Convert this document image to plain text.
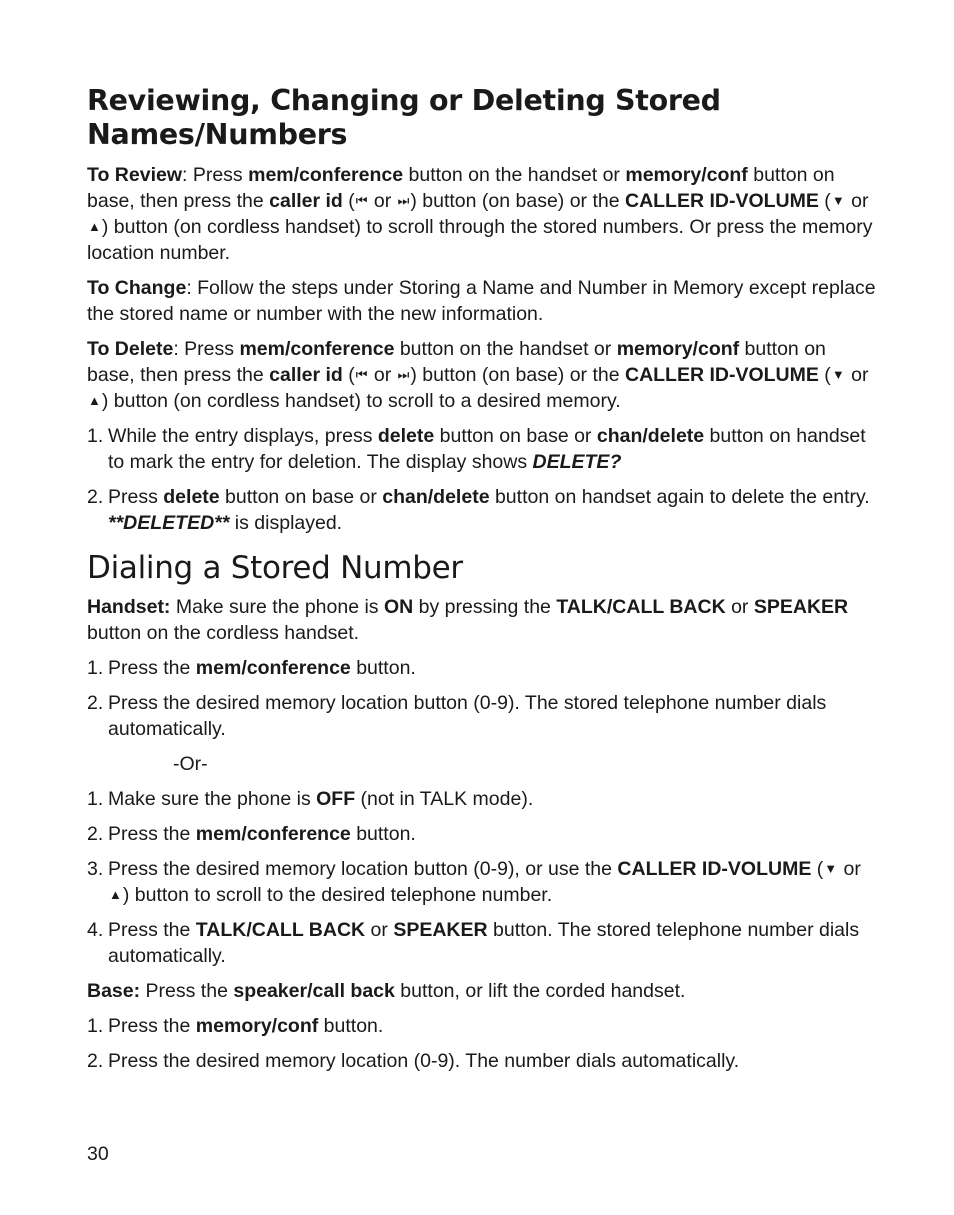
Reviewing, Changing or Deleting Stored Names/Numbers

To Review: Press mem/conference button on the handset or memory/conf button on base, then press the caller id (⏮ or ⏭) button (on base) or the CALLER ID-VOLUME (▼ or ▲) button (on cordless handset) to scroll through the stored numbers. Or press the memory location number.

To Change: Follow the steps under Storing a Name and Number in Memory except replace the stored name or number with the new information.

To Delete: Press mem/conference button on the handset or memory/conf button on base, then press the caller id (⏮ or ⏭) button (on base) or the CALLER ID-VOLUME (▼ or ▲) button (on cordless handset) to scroll to a desired memory.

1. While the entry displays, press delete button on base or chan/delete button on handset to mark the entry for deletion. The display shows DELETE?
2. Press delete button on base or chan/delete button on handset again to delete the entry. **DELETED** is displayed.
Dialing a Stored Number

Handset: Make sure the phone is ON by pressing the TALK/CALL BACK or SPEAKER button on the cordless handset.

1. Press the mem/conference button.
2. Press the desired memory location button (0-9). The stored telephone number dials automatically.
-Or-
1. Make sure the phone is OFF (not in TALK mode).
2. Press the mem/conference button.
3. Press the desired memory location button (0-9), or use the CALLER ID-VOLUME (▼ or ▲) button to scroll to the desired telephone number.
4. Press the TALK/CALL BACK or SPEAKER button. The stored telephone number dials automatically.

Base: Press the speaker/call back button, or lift the corded handset.

1. Press the memory/conf button.
2. Press the desired memory location (0-9). The number dials automatically.
30
